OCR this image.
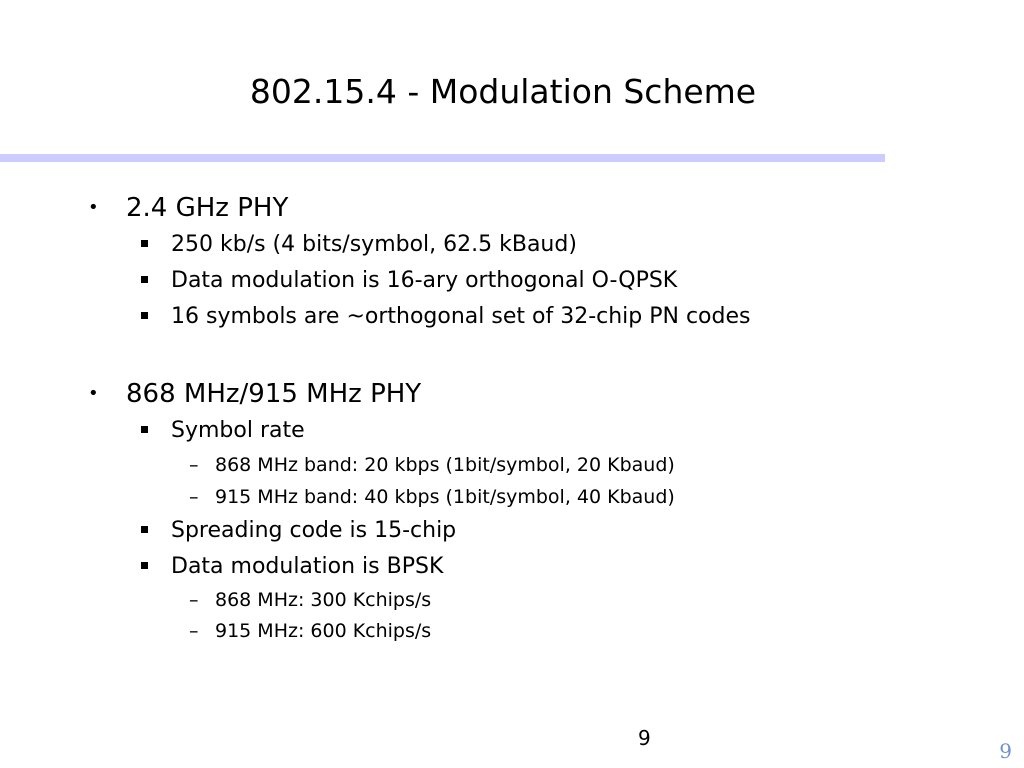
802.15.4 - Modulation Scheme
• 2.4 GHz PHY
250 kb/s (4 bits/symbol, 62.5 kBaud)
Data modulation is 16-ary orthogonal O-QPSK
16 symbols are ~orthogonal set of 32-chip PN codes
• 868 MHz/915 MHz PHY
Symbol rate
– 868 MHz band: 20 kbps (1bit/symbol, 20 Kbaud)
– 915 MHz band: 40 kbps (1bit/symbol, 40 Kbaud)
Spreading code is 15-chip
Data modulation is BPSK
– 868 MHz: 300 Kchips/s
– 915 MHz: 600 Kchips/s
9
9
